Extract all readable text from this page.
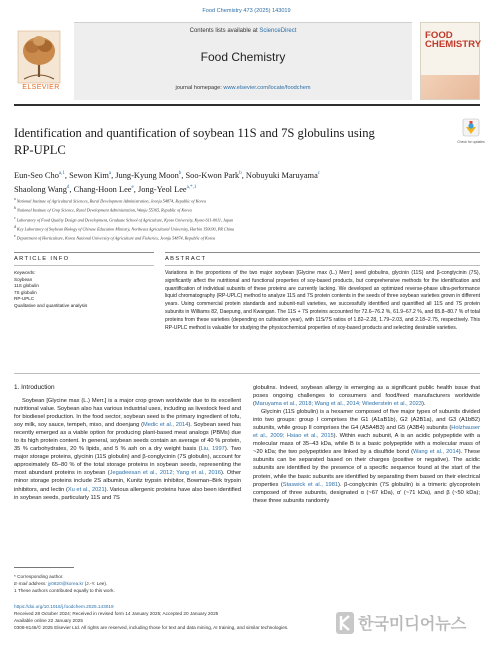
Food Chemistry 473 (2025) 143019
ELSEVIER
Contents lists available at ScienceDirect
Food Chemistry
journal homepage: www.elsevier.com/locate/foodchem
FOOD CHEMISTRY
Identification and quantification of soybean 11S and 7S globulins using
RP-UPLC
Check for updates
Eun-Seo Cho$^{a,1}$, Sewon Kim$^a$, Jung-Kyung Moon$^b$, Soo-Kwon Park$^b$, Nobuyuki Maruyama$^c$
Shaolong Wang$^d$, Chang-Hoon Lee$^e$, Jong-Yeol Lee$^{a,*,1}$
a National Institute of Agricultural Sciences, Rural Development Administration, Jeonju 54874, Republic of Korea
b National Institute of Crop Science, Rural Development Administration, Wanju 55365, Republic of Korea
c Laboratory of Food Quality Design and Development, Graduate School of Agriculture, Kyoto University, Kyoto 611-0011, Japan
d Key Laboratory of Soybean Biology of Chinese Education Ministry, Northeast Agricultural University, Harbin 150030, PR China
e Department of Horticulture, Korea National University of Agriculture and Fisheries, Jeonju 54874, Republic of Korea
ARTICLE INFO	ABSTRACT
Keywords:
Soybean
11S globulin
7S globulin
RP-UPLC
Qualitative and quantitative analysis
Variations in the proportions of the two major soybean [Glycine max (L.) Merr.] seed globulins, glycinin (11S) and β-conglycinin (7S), significantly affect the nutritional and functional properties of soy-based products, but comprehensive methods for the identification and quantification of individual subunits of these proteins are currently lacking. We developed an optimized reverse-phase ultra-performance liquid chromatography (RP-UPLC) method to analyze 11S and 7S protein contents in the seeds of three soybean varieties grown in different years. Using commercial protein standards and subunit-null varieties, we successfully identified and quantified all 11S and 7S protein subunits in Williams 82, Daepung, and Kwangan. The 11S + 7S proteins accounted for 72.6–76.2 %, 61.9–67.2 %, and 65.8–80.7 % of total proteins from these varieties (depending on cultivation year), with 11S/7S ratios of 1.82–2.28, 1.79–2.03, and 2.18–2.75, respectively. This RP-UPLC method is valuable for studying the physicochemical properties of soy-based products and selecting desirable varieties.
1. Introduction
Soybean [Glycine max (L.) Merr.] is a major crop grown worldwide due to its excellent nutritional value. Soybean also has various industrial uses, including as livestock feed and for biodiesel production. In the food sector, soybean seed is the primary ingredient of tofu, soy milk, soy sauce, tempeh, miso, and doenjang (Medic et al., 2014). Soybean seed has recently emerged as a viable option for producing plant-based meat analogs (PBMs) due to its high protein content. In general, soybean seeds contain an average of 40 % protein, 35 % carbohydrates, 20 % lipids, and 5 % ash on a dry weight basis (Liu, 1997). Two major storage proteins, glycinin (11S globulin) and β-conglycinin (7S globulin), account for approximately 65–80 % of the total storage proteins in soybean seeds, representing the most abundant proteins in soybean (Jegadeesan et al., 2012; Yang et al., 2016). Other minor storage proteins include 2S albumin, Kunitz trypsin inhibitor, Bowman–Birk trypsin inhibitors, and lectin (Xu et al., 2021). Various allergenic proteins have also been identified in soybean seeds, particularly 11S and 7S

globulins. Indeed, soybean allergy is emerging as a significant public health issue that poses ongoing challenges to consumers and food/feed manufacturers worldwide (Maruyama et al., 2018; Wang et al., 2014; Wiederstein et al., 2023).

Glycinin (11S globulin) is a hexamer composed of five major types of subunits divided into two groups: group I comprises the G1 (A1aB1b), G2 (A2B1a), and G3 (A1bB2) subunits, while group II comprises the G4 (A5A4B3) and G5 (A3B4) subunits (Holzhauser et al., 2009; Hsiao et al., 2015). Within each subunit, A is an acidic polypeptide with a molecular mass of 35–43 kDa, while B is a basic polypeptide with a molecular mass of ~20 kDa; the two polypeptides are linked by a disulfide bond (Wang et al., 2014). These subunits can be separated based on their charges (positive or negative). The acidic subunits are identified by the presence of a specific sequence found at the start of the protein, while the basic subunits are identified by separating them based on their electrical properties (Staswick et al., 1981). β-conglycinin (7S globulin) is a trimeric glycoprotein composed of three subunits, designated α (~67 kDa), α′ (~71 kDa), and β (~50 kDa); these three subunits randomly

* Corresponding author.
E-mail address: jy0820@korea.kr (J.-Y. Lee).
1 These authors contributed equally to this work.
https://doi.org/10.1016/j.foodchem.2025.143019
Received 28 October 2024; Received in revised form 14 January 2025; Accepted 20 January 2025
Available online 22 January 2025
0308-8146/© 2025 Elsevier Ltd. All rights are reserved, including those for text and data mining, AI training, and similar technologies.	한국미디어뉴스
